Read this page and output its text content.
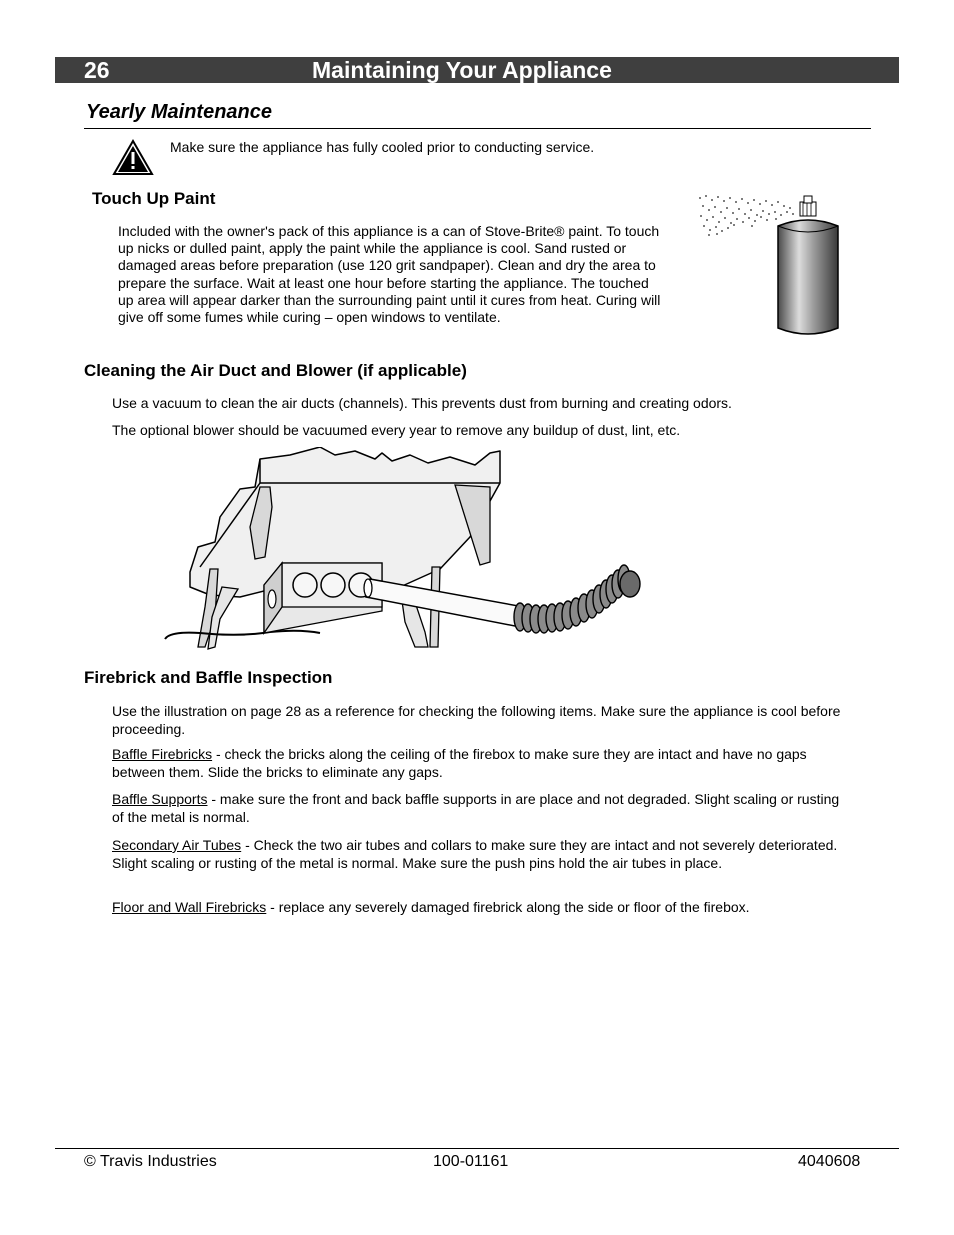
26	Maintaining Your Appliance
Yearly Maintenance
Make sure the appliance has fully cooled prior to conducting service.
Touch Up Paint

Included with the owner's pack of this appliance is a can of Stove-Brite® paint. To touch up nicks or dulled paint, apply the paint while the appliance is cool. Sand rusted or damaged areas before preparation (use 120 grit sandpaper). Clean and dry the area to prepare the surface. Wait at least one hour before starting the appliance. The touched up area will appear darker than the surrounding paint until it cures from heat. Curing will give off some fumes while curing – open windows to ventilate.

Cleaning the Air Duct and Blower (if applicable)

Use a vacuum to clean the air ducts (channels). This prevents dust from burning and creating odors.

The optional blower should be vacuumed every year to remove any buildup of dust, lint, etc.

Firebrick and Baffle Inspection

Use the illustration on page 28 as a reference for checking the following items. Make sure the appliance is cool before proceeding.

Baffle Firebricks - check the bricks along the ceiling of the firebox to make sure they are intact and have no gaps between them. Slide the bricks to eliminate any gaps.

Baffle Supports - make sure the front and back baffle supports in are place and not degraded. Slight scaling or rusting of the metal is normal.

Secondary Air Tubes - Check the two air tubes and collars to make sure they are intact and not severely deteriorated. Slight scaling or rusting of the metal is normal. Make sure the push pins hold the air tubes in place.

Floor and Wall Firebricks - replace any severely damaged firebrick along the side or floor of the firebox.

© Travis Industries	100-01161	4040608
